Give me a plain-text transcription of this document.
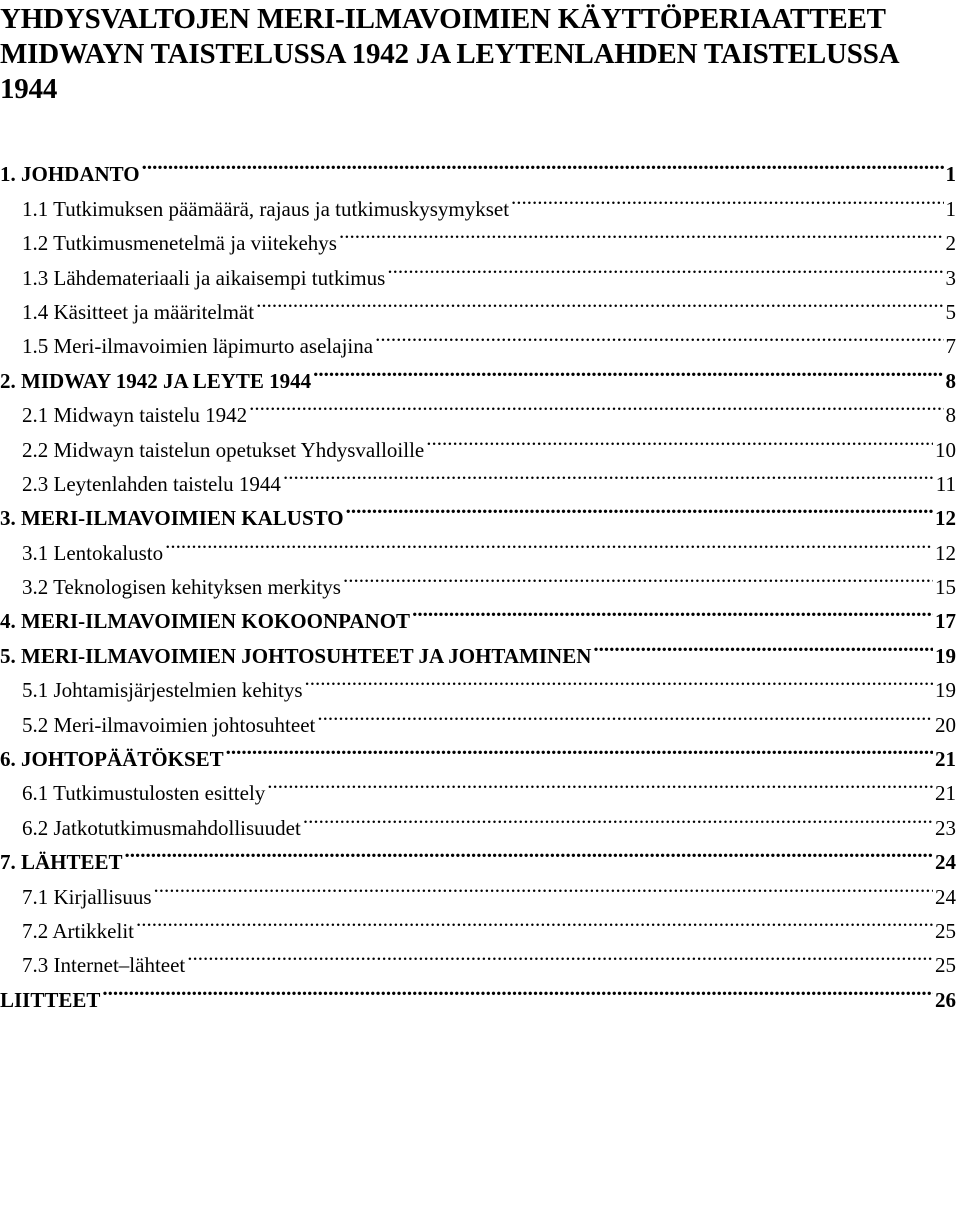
YHDYSVALTOJEN MERI-ILMAVOIMIEN KÄYTTÖPERIAATTEET
MIDWAYN TAISTELUSSA 1942 JA LEYTENLAHDEN TAISTELUSSA
1944
1. JOHDANTO .....	1
1.1 Tutkimuksen päämäärä, rajaus ja tutkimuskysymykset .....	1
1.2 Tutkimusmenetelmä ja viitekehys .....	2
1.3 Lähdemateriaali ja aikaisempi tutkimus .....	3
1.4 Käsitteet ja määritelmät .....	5
1.5 Meri-ilmavoimien läpimurto aselajina .....	7
2. MIDWAY 1942 JA LEYTE 1944 .....	8
2.1 Midwayn taistelu 1942 .....	8
2.2 Midwayn taistelun opetukset Yhdysvalloille .....	10
2.3 Leytenlahden taistelu 1944 .....	11
3. MERI-ILMAVOIMIEN KALUSTO .....	12
3.1 Lentokalusto .....	12
3.2 Teknologisen kehityksen merkitys .....	15
4. MERI-ILMAVOIMIEN KOKOONPANOT .....	17
5. MERI-ILMAVOIMIEN JOHTOSUHTEET JA JOHTAMINEN .....	19
5.1 Johtamisjärjestelmien kehitys .....	19
5.2 Meri-ilmavoimien johtosuhteet .....	20
6. JOHTOPÄÄTÖKSET .....	21
6.1 Tutkimustulosten esittely .....	21
6.2 Jatkotutkimusmahdollisuudet .....	23
7. LÄHTEET .....	24
7.1 Kirjallisuus .....	24
7.2 Artikkelit .....	25
7.3 Internet–lähteet .....	25
LIITTEET .....	26
